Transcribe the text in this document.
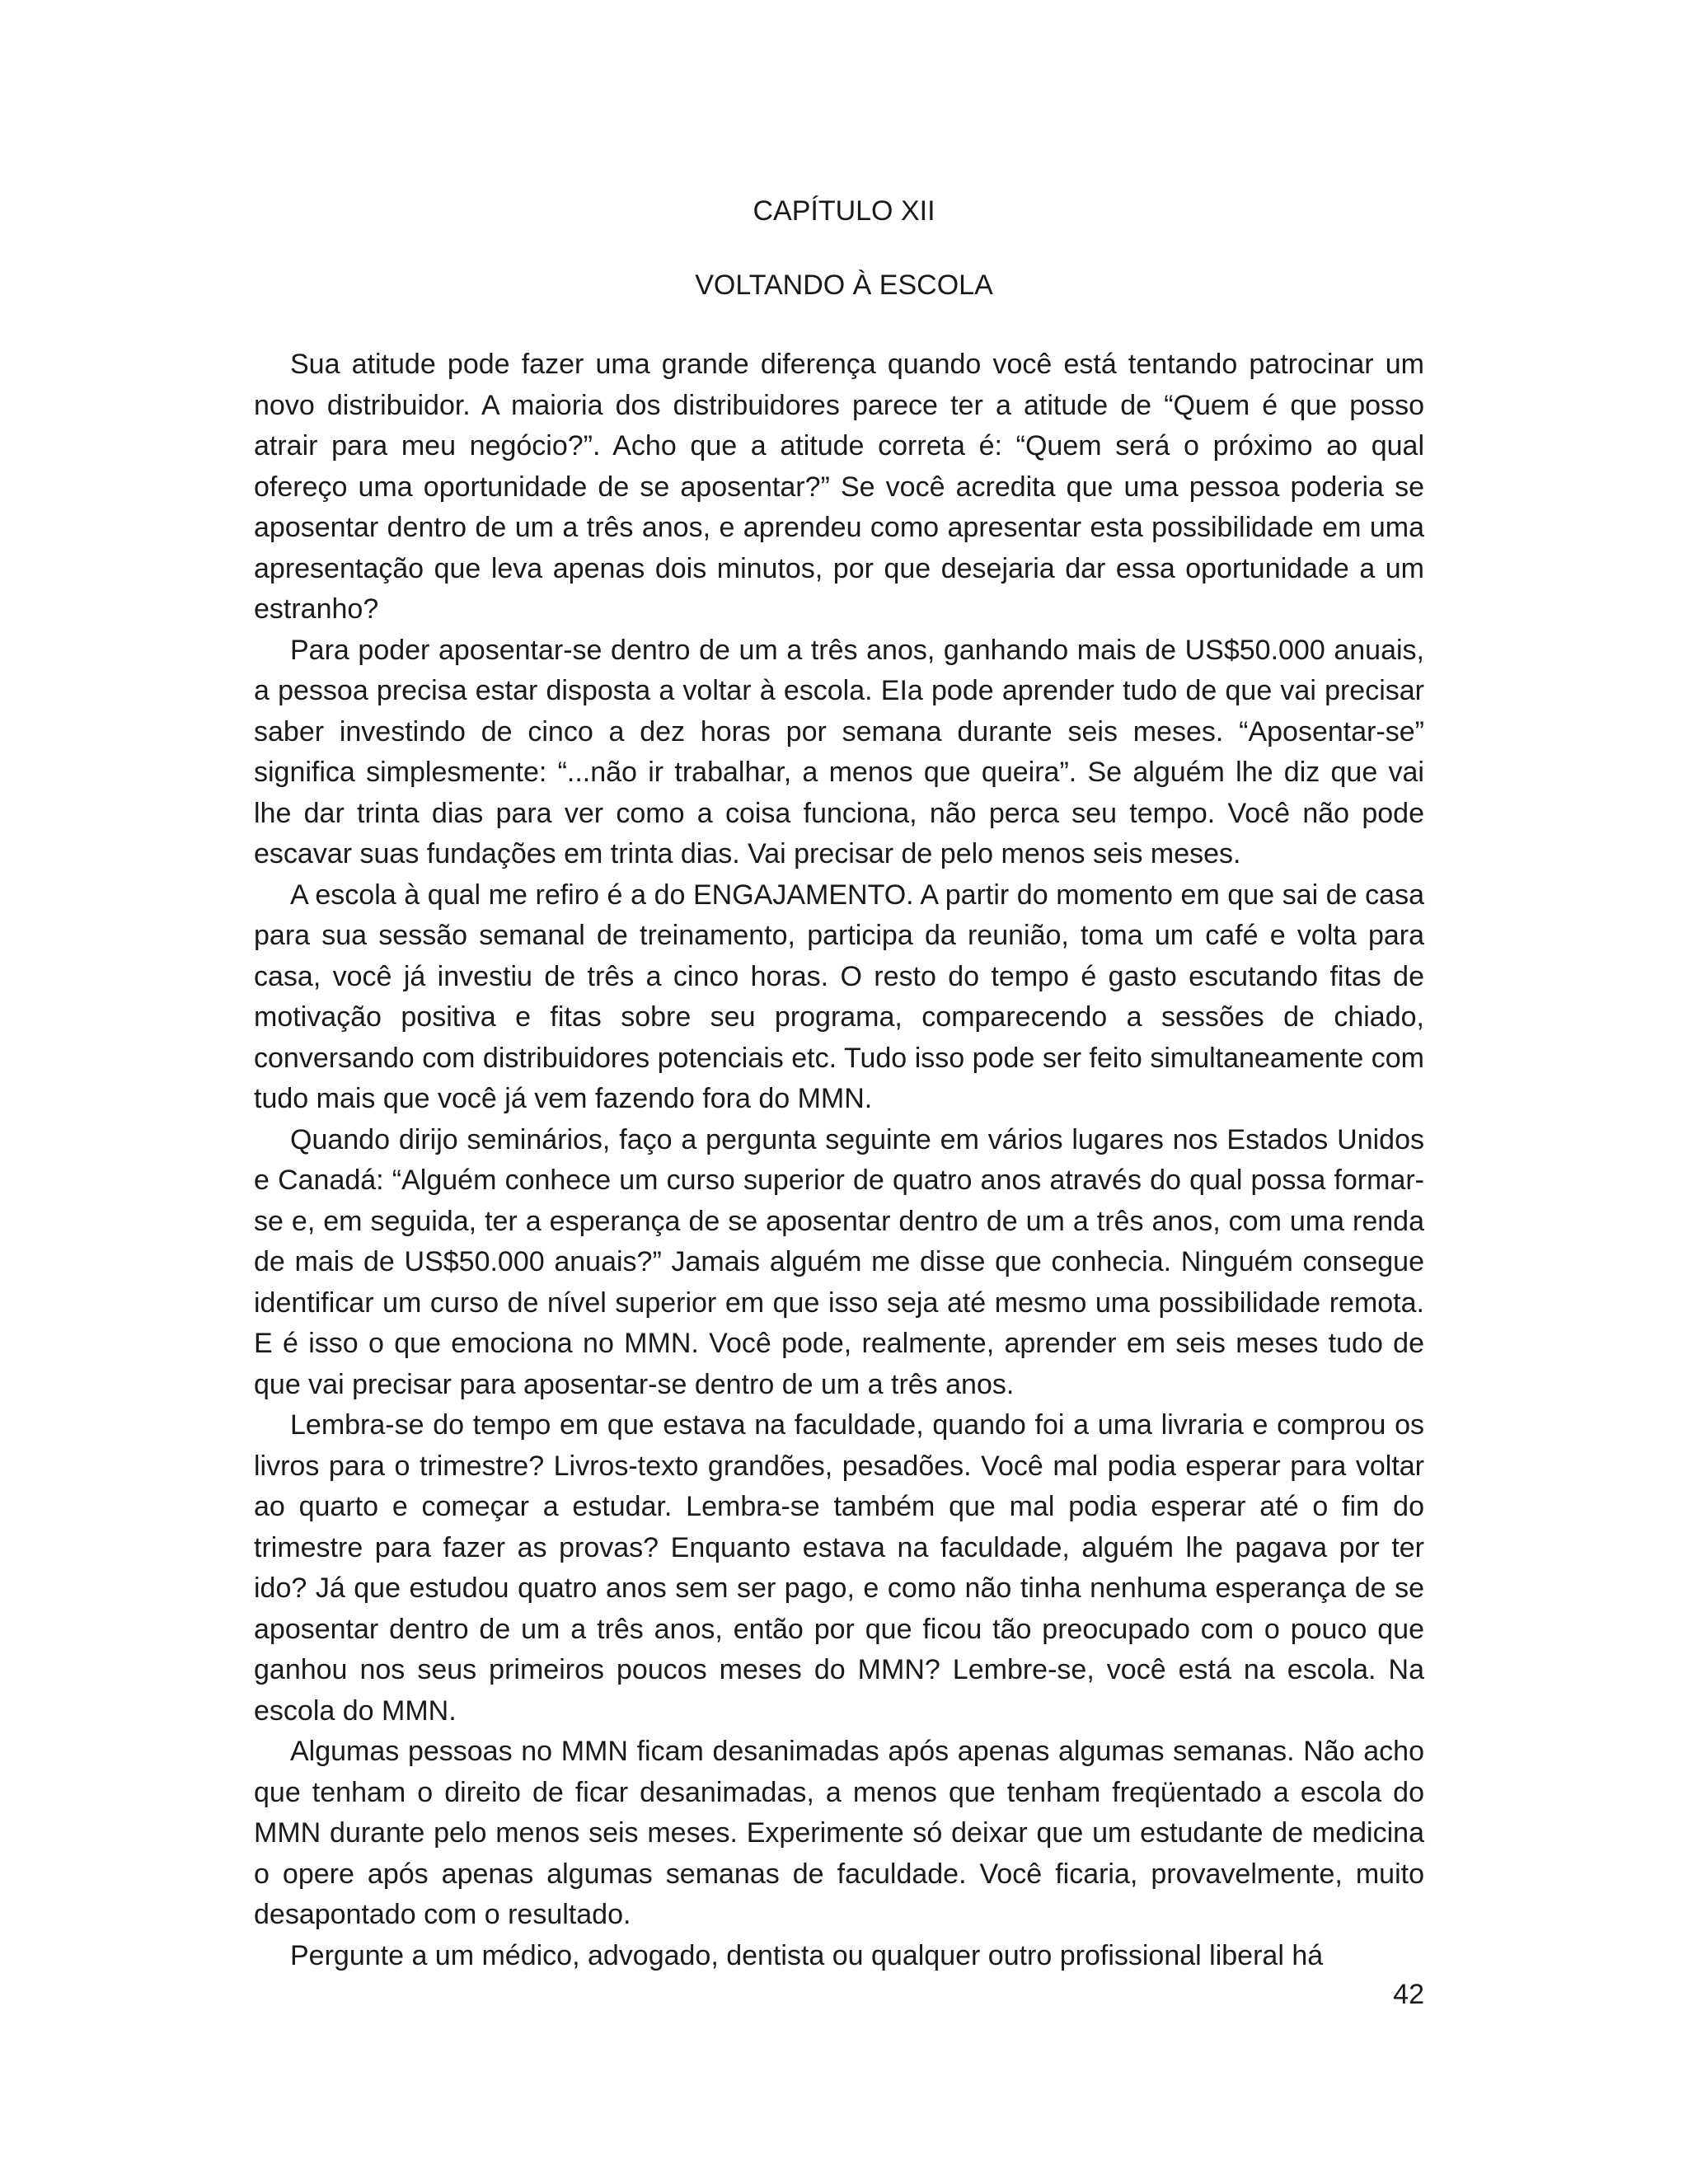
CAPÍTULO XII
VOLTANDO À ESCOLA

Sua atitude pode fazer uma grande diferença quando você está tentando patrocinar um novo distribuidor. A maioria dos distribuidores parece ter a atitude de “Quem é que posso atrair para meu negócio?”. Acho que a atitude correta é: “Quem será o próximo ao qual ofereço uma oportunidade de se aposentar?” Se você acredita que uma pessoa poderia se aposentar dentro de um a três anos, e aprendeu como apresentar esta possibilidade em uma apresentação que leva apenas dois minutos, por que desejaria dar essa oportunidade a um estranho?

Para poder aposentar-se dentro de um a três anos, ganhando mais de US$50.000 anuais, a pessoa precisa estar disposta a voltar à escola. EIa pode aprender tudo de que vai precisar saber investindo de cinco a dez horas por semana durante seis meses. “Aposentar-se” significa simplesmente: “...não ir trabalhar, a menos que queira”. Se alguém lhe diz que vai lhe dar trinta dias para ver como a coisa funciona, não perca seu tempo. Você não pode escavar suas fundações em trinta dias. Vai precisar de pelo menos seis meses.

A escola à qual me refiro é a do ENGAJAMENTO. A partir do momento em que sai de casa para sua sessão semanal de treinamento, participa da reunião, toma um café e volta para casa, você já investiu de três a cinco horas. O resto do tempo é gasto escutando fitas de motivação positiva e fitas sobre seu programa, comparecendo a sessões de chiado, conversando com distribuidores potenciais etc. Tudo isso pode ser feito simultaneamente com tudo mais que você já vem fazendo fora do MMN.

Quando dirijo seminários, faço a pergunta seguinte em vários lugares nos Estados Unidos e Canadá: “Alguém conhece um curso superior de quatro anos através do qual possa formar-se e, em seguida, ter a esperança de se aposentar dentro de um a três anos, com uma renda de mais de US$50.000 anuais?” Jamais alguém me disse que conhecia. Ninguém consegue identificar um curso de nível superior em que isso seja até mesmo uma possibilidade remota. E é isso o que emociona no MMN. Você pode, realmente, aprender em seis meses tudo de que vai precisar para aposentar-se dentro de um a três anos.

Lembra-se do tempo em que estava na faculdade, quando foi a uma livraria e comprou os livros para o trimestre? Livros-texto grandões, pesadões. Você mal podia esperar para voltar ao quarto e começar a estudar. Lembra-se também que mal podia esperar até o fim do trimestre para fazer as provas? Enquanto estava na faculdade, alguém lhe pagava por ter ido? Já que estudou quatro anos sem ser pago, e como não tinha nenhuma esperança de se aposentar dentro de um a três anos, então por que ficou tão preocupado com o pouco que ganhou nos seus primeiros poucos meses do MMN? Lembre-se, você está na escola. Na escola do MMN.

Algumas pessoas no MMN ficam desanimadas após apenas algumas semanas. Não acho que tenham o direito de ficar desanimadas, a menos que tenham freqüentado a escola do MMN durante pelo menos seis meses. Experimente só deixar que um estudante de medicina o opere após apenas algumas semanas de faculdade. Você ficaria, provavelmente, muito desapontado com o resultado.

Pergunte a um médico, advogado, dentista ou qualquer outro profissional liberal há

42
